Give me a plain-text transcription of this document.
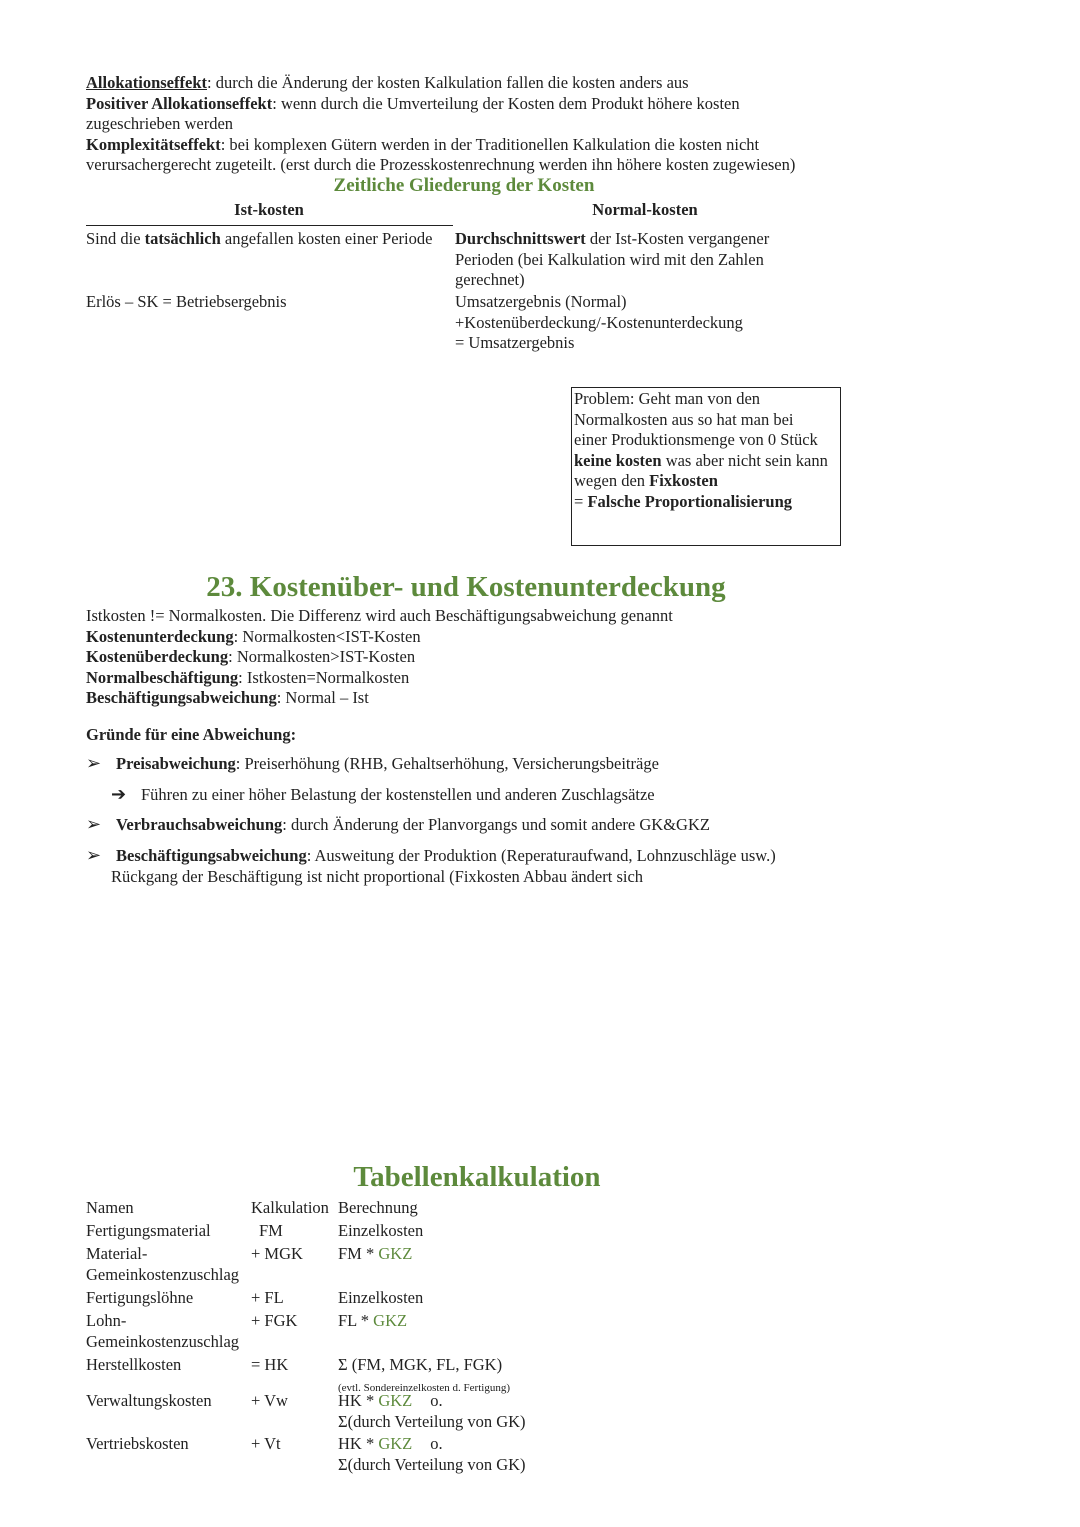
Allokationseffekt: durch die Änderung der kosten Kalkulation fallen die kosten anders aus
Positiver Allokationseffekt: wenn durch die Umverteilung der Kosten dem Produkt höhere kosten
zugeschrieben werden
Komplexitätseffekt: bei komplexen Gütern werden in der Traditionellen Kalkulation die kosten nicht
verursachergerecht zugeteilt. (erst durch die Prozesskostenrechnung werden ihn höhere kosten zugewiesen)
Zeitliche Gliederung der Kosten
Ist-kosten	Normal-kosten
Sind die tatsächlich angefallen kosten einer Periode	Durchschnittswert der Ist-Kosten vergangener
Perioden (bei Kalkulation wird mit den Zahlen
gerechnet)
Erlös – SK = Betriebsergebnis	Umsatzergebnis (Normal)
+Kostenüberdeckung/-Kostenunterdeckung
= Umsatzergebnis
Problem: Geht man von den
Normalkosten aus so hat man bei
einer Produktionsmenge von 0 Stück
keine kosten was aber nicht sein kann
wegen den Fixkosten
= Falsche Proportionalisierung
23. Kostenüber- und Kostenunterdeckung
Istkosten != Normalkosten. Die Differenz wird auch Beschäftigungsabweichung genannt
Kostenunterdeckung: Normalkosten<IST-Kosten
Kostenüberdeckung: Normalkosten>IST-Kosten
Normalbeschäftigung: Istkosten=Normalkosten
Beschäftigungsabweichung: Normal – Ist
Gründe für eine Abweichung:
➢ Preisabweichung: Preiserhöhung (RHB, Gehaltserhöhung, Versicherungsbeiträge
➔ Führen zu einer höher Belastung der kostenstellen und anderen Zuschlagsätze
➢ Verbrauchsabweichung: durch Änderung der Planvorgangs und somit andere GK&GKZ
➢ Beschäftigungsabweichung: Ausweitung der Produktion (Reperaturaufwand, Lohnzuschläge usw.)
Rückgang der Beschäftigung ist nicht proportional (Fixkosten Abbau ändert sich
Tabellenkalkulation
Namen	Kalkulation Berechnung
Fertigungsmaterial	FM	Einzelkosten
Material-
Gemeinkostenzuschlag
+ MGK	FM * GKZ
Fertigungslöhne	+ FL	Einzelkosten
Lohn-
Gemeinkostenzuschlag
+ FGK	FL * GKZ
Herstellkosten	= HK	Σ (FM, MGK, FL, FGK)
(evtl. Sondereinzelkosten d. Fertigung)
Verwaltungskosten	+ Vw	HK * GKZ o.
Σ(durch Verteilung von GK)
Vertriebskosten	+ Vt	HK * GKZ o.
Σ(durch Verteilung von GK)
